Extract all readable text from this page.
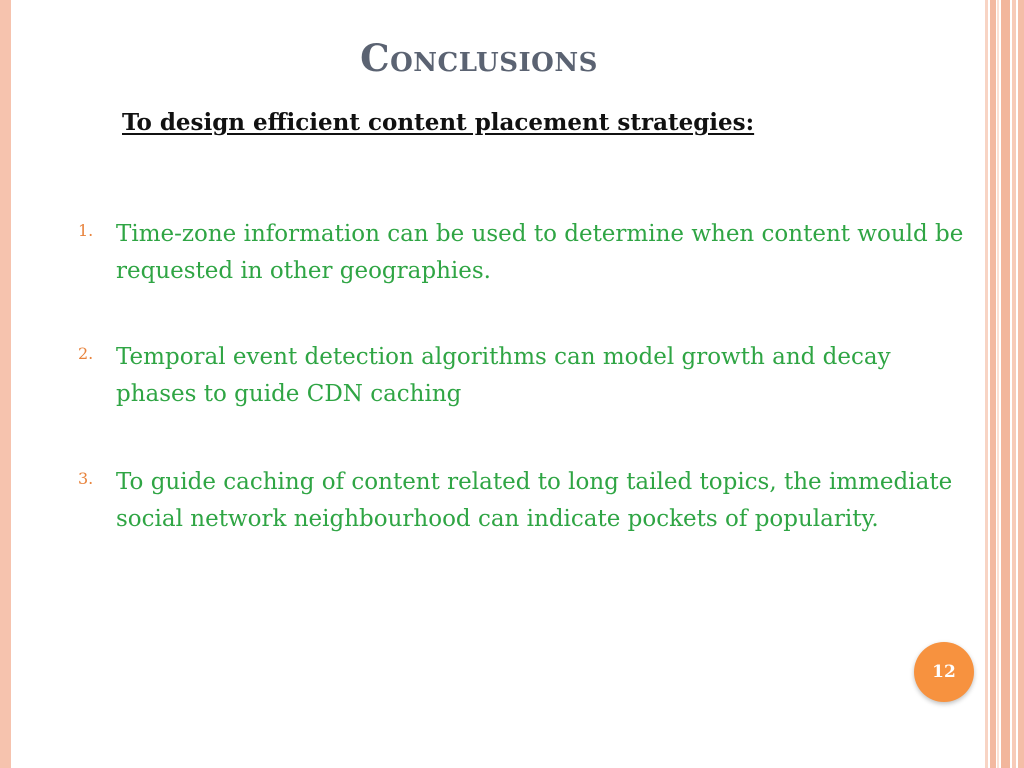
Conclusions
To design efficient content placement strategies:
1. Time-zone information can be used to determine when content would be requested in other geographies.
2. Temporal event detection algorithms can model growth and decay phases to guide CDN caching
3. To guide caching of content related to long tailed topics, the immediate social network neighbourhood can indicate pockets of popularity.
12
